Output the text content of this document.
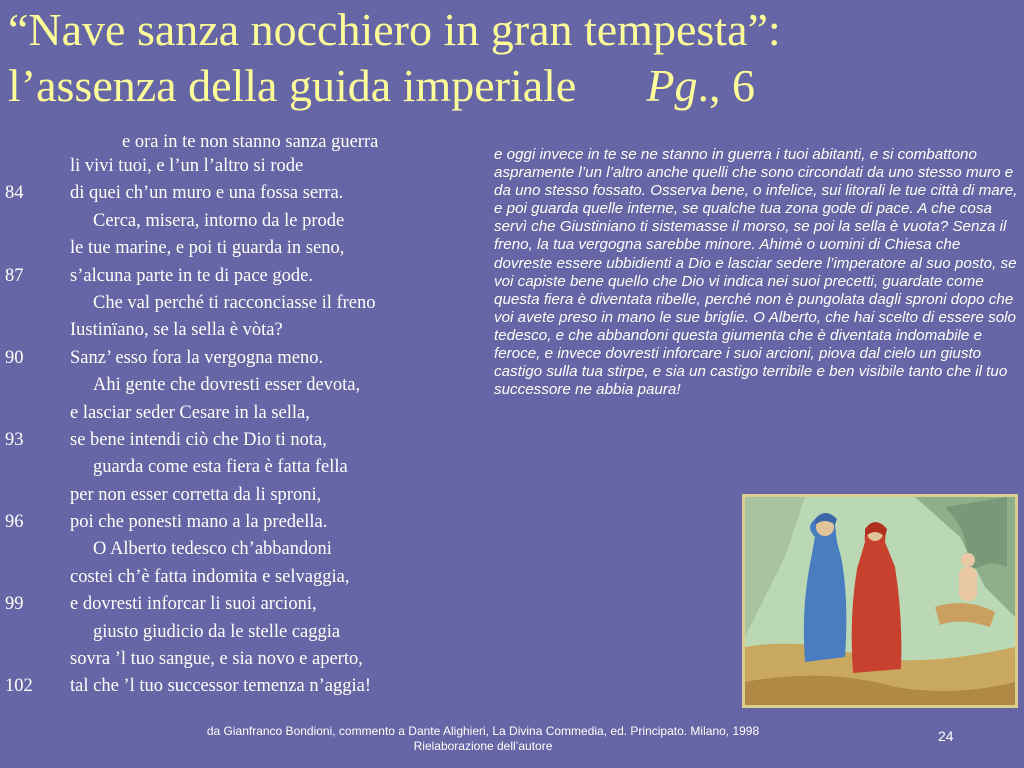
“Nave sanza nocchiero in gran tempesta”:
l’assenza della guida imperiale Pg., 6
e ora in te non stanno sanza guerra
li vivi tuoi, e l’un l’altro si rode
84	di quei ch’un muro e una fossa serra.
Cerca, misera, intorno da le prode
le tue marine, e poi ti guarda in seno,
87	s’alcuna parte in te di pace gode.
Che val perché ti racconciasse il freno
Iustinïano, se la sella è vòta?
90	Sanz’ esso fora la vergogna meno.
Ahi gente che dovresti esser devota,
e lasciar seder Cesare in la sella,
93	se bene intendi ciò che Dio ti nota,
guarda come esta fiera è fatta fella
per non esser corretta da li sproni,
96	poi che ponesti mano a la predella.
O Alberto tedesco ch’abbandoni
costei ch’è fatta indomita e selvaggia,
99	e dovresti inforcar li suoi arcioni,
giusto giudicio da le stelle caggia
sovra ’l tuo sangue, e sia novo e aperto,
102 tal che ’l tuo successor temenza n’aggia!

e oggi invece in te se ne stanno in guerra i tuoi abitanti, e si combattono aspramente l’un l’altro anche quelli che sono circondati da uno stesso muro e da uno stesso fossato. Osserva bene, o infelice, sui litorali le tue città di mare, e poi guarda quelle interne, se qualche tua zona gode di pace. A che cosa servì che Giustiniano ti sistemasse il morso, se poi la sella è vuota? Senza il freno, la tua vergogna sarebbe minore. Ahimè o uomini di Chiesa che dovreste essere ubbidienti a Dio e lasciar sedere l’imperatore al suo posto, se voi capiste bene quello che Dio vi indica nei suoi precetti, guardate come questa fiera è diventata ribelle, perché non è pungolata dagli sproni dopo che voi avete preso in mano le sue briglie. O Alberto, che hai scelto di essere solo tedesco, e che abbandoni questa giumenta che è diventata indomabile e feroce, e invece dovresti inforcare i suoi arcioni, piova dal cielo un giusto castigo sulla tua stirpe, e sia un castigo terribile e ben visibile tanto che il tuo successore ne abbia paura!

da Gianfranco Bondioni, commento a Dante Alighieri, La Divina Commedia, ed. Principato. Milano, 1998
Rielaborazione dell’autore
24
